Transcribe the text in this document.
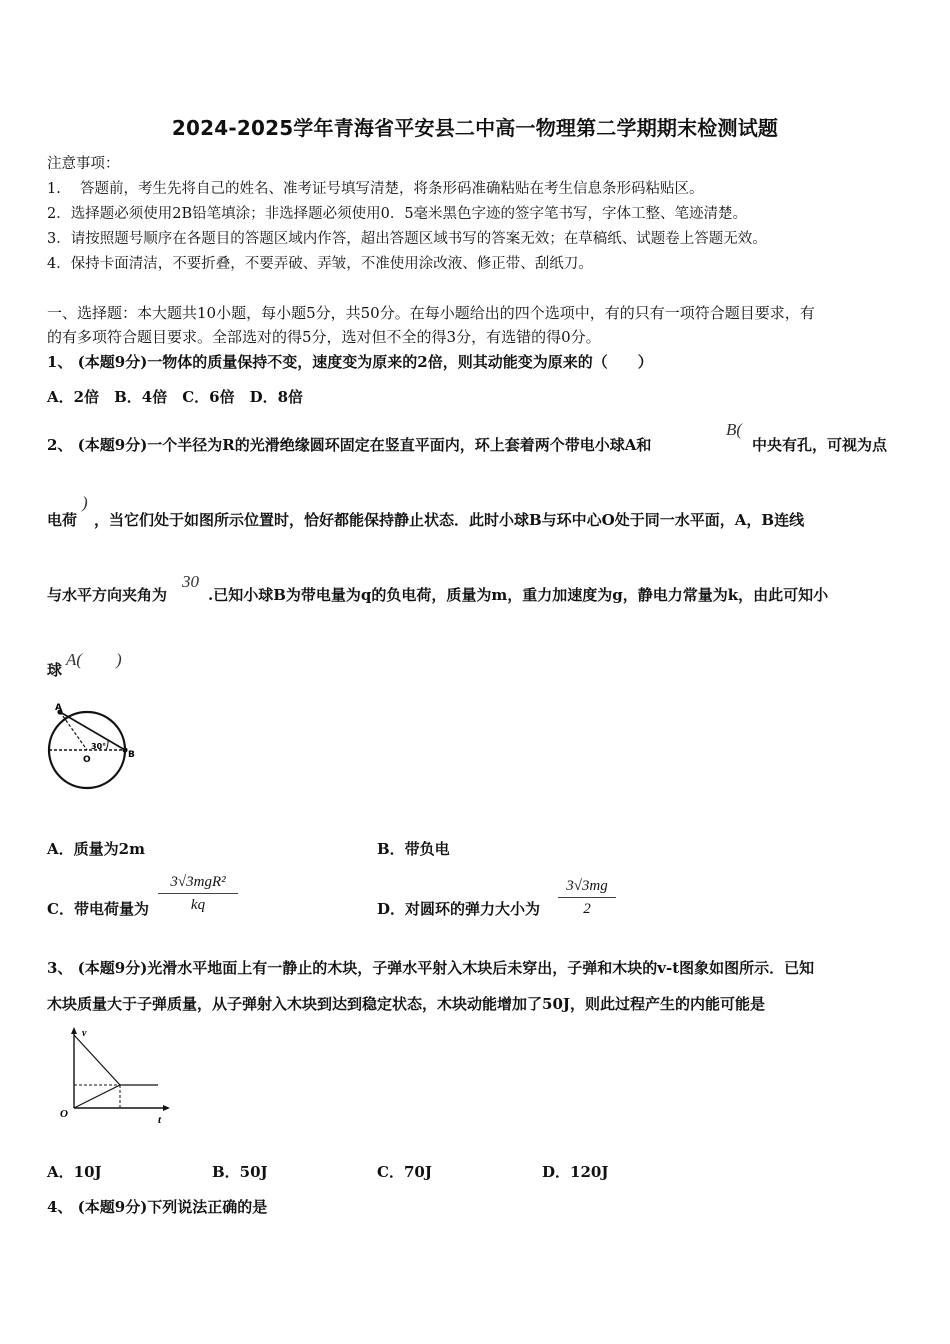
2024-2025学年青海省平安县二中高一物理第二学期期末检测试题
注意事项：
1.　 答题前，考生先将自己的姓名、准考证号填写清楚，将条形码准确粘贴在考生信息条形码粘贴区。
2．选择题必须使用2B铅笔填涂；非选择题必须使用0．5毫米黑色字迹的签字笔书写，字体工整、笔迹清楚。
3．请按照题号顺序在各题目的答题区域内作答，超出答题区域书写的答案无效；在草稿纸、试题卷上答题无效。
4．保持卡面清洁，不要折叠，不要弄破、弄皱，不准使用涂改液、修正带、刮纸刀。
一、选择题：本大题共10小题，每小题5分，共50分。在每小题给出的四个选项中，有的只有一项符合题目要求，有
的有多项符合题目要求。全部选对的得5分，选对但不全的得3分，有选错的得0分。
1、 (本题9分)一物体的质量保持不变，速度变为原来的2倍，则其动能变为原来的（　　）
A．2倍　B．4倍　C．6倍　D．8倍
2、 (本题9分)一个半径为R的光滑绝缘圆环固定在竖直平面内，环上套着两个带电小球A和
B(
中央有孔，可视为点
电荷
)
，当它们处于如图所示位置时，恰好都能保持静止状态．此时小球B与环中心O处于同一水平面，A，B连线
与水平方向夹角为
30
.已知小球B为带电量为q的负电荷，质量为m，重力加速度为g，静电力常量为k，由此可知小
球
A(　　)
A
O	B
30°
A．质量为2m	B．带负电
C．带电荷量为
3√3mgR²
kq	D．对圆环的弹力大小为
3√3mg
2
3、 (本题9分)光滑水平地面上有一静止的木块，子弹水平射入木块后未穿出，子弹和木块的v-t图象如图所示．已知
木块质量大于子弹质量，从子弹射入木块到达到稳定状态，木块动能增加了50J，则此过程产生的内能可能是
v
O	t
A．10J	B．50J	C．70J	D．120J
4、 (本题9分)下列说法正确的是
